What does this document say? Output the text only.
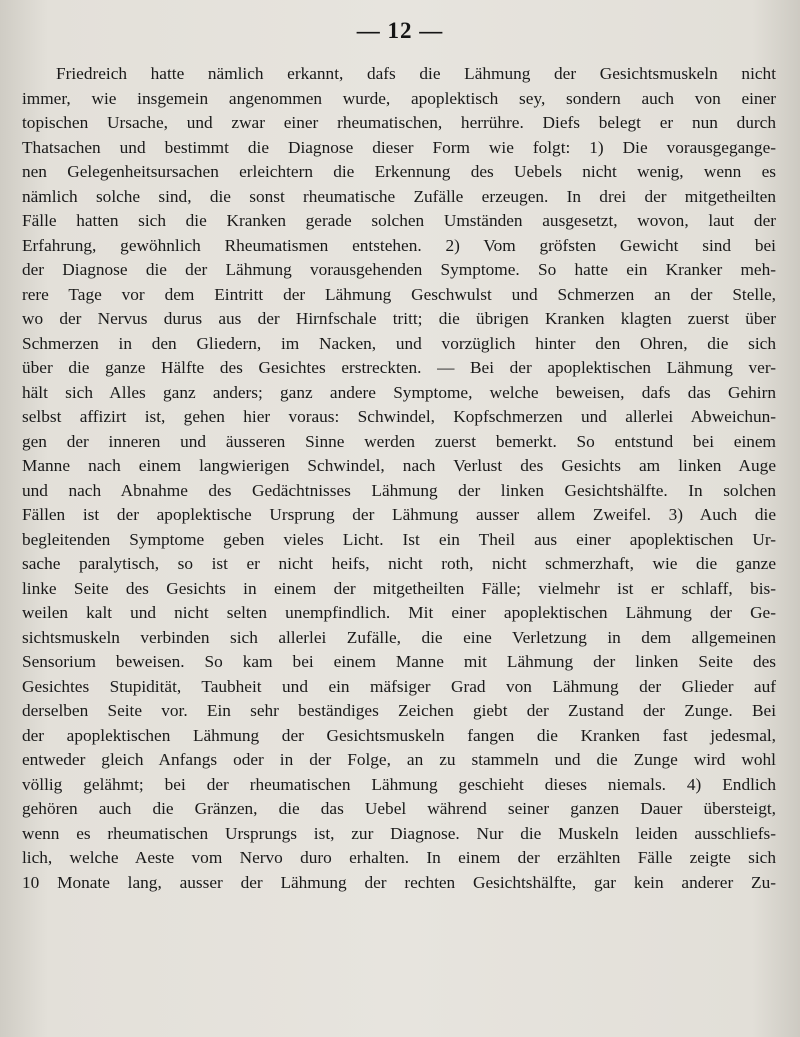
— 12 —
Friedreich hatte nämlich erkannt, dafs die Lähmung der Gesichtsmuskeln nicht
immer, wie insgemein angenommen wurde, apoplektisch sey, sondern auch von einer
topischen Ursache, und zwar einer rheumatischen, herrühre. Diefs belegt er nun durch
Thatsachen und bestimmt die Diagnose dieser Form wie folgt: 1) Die vorausgegange-
nen Gelegenheitsursachen erleichtern die Erkennung des Uebels nicht wenig, wenn es
nämlich solche sind, die sonst rheumatische Zufälle erzeugen. In drei der mitgetheilten
Fälle hatten sich die Kranken gerade solchen Umständen ausgesetzt, wovon, laut der
Erfahrung, gewöhnlich Rheumatismen entstehen. 2) Vom gröfsten Gewicht sind bei
der Diagnose die der Lähmung vorausgehenden Symptome. So hatte ein Kranker meh-
rere Tage vor dem Eintritt der Lähmung Geschwulst und Schmerzen an der Stelle,
wo der Nervus durus aus der Hirnfschale tritt; die übrigen Kranken klagten zuerst über
Schmerzen in den Gliedern, im Nacken, und vorzüglich hinter den Ohren, die sich
über die ganze Hälfte des Gesichtes erstreckten. — Bei der apoplektischen Lähmung ver-
hält sich Alles ganz anders; ganz andere Symptome, welche beweisen, dafs das Gehirn
selbst affizirt ist, gehen hier voraus: Schwindel, Kopfschmerzen und allerlei Abweichun-
gen der inneren und äusseren Sinne werden zuerst bemerkt. So entstund bei einem
Manne nach einem langwierigen Schwindel, nach Verlust des Gesichts am linken Auge
und nach Abnahme des Gedächtnisses Lähmung der linken Gesichtshälfte. In solchen
Fällen ist der apoplektische Ursprung der Lähmung ausser allem Zweifel. 3) Auch die
begleitenden Symptome geben vieles Licht. Ist ein Theil aus einer apoplektischen Ur-
sache paralytisch, so ist er nicht heifs, nicht roth, nicht schmerzhaft, wie die ganze
linke Seite des Gesichts in einem der mitgetheilten Fälle; vielmehr ist er schlaff, bis-
weilen kalt und nicht selten unempfindlich. Mit einer apoplektischen Lähmung der Ge-
sichtsmuskeln verbinden sich allerlei Zufälle, die eine Verletzung in dem allgemeinen
Sensorium beweisen. So kam bei einem Manne mit Lähmung der linken Seite des
Gesichtes Stupidität, Taubheit und ein mäfsiger Grad von Lähmung der Glieder auf
derselben Seite vor. Ein sehr beständiges Zeichen giebt der Zustand der Zunge. Bei
der apoplektischen Lähmung der Gesichtsmuskeln fangen die Kranken fast jedesmal,
entweder gleich Anfangs oder in der Folge, an zu stammeln und die Zunge wird wohl
völlig gelähmt; bei der rheumatischen Lähmung geschieht dieses niemals. 4) Endlich
gehören auch die Gränzen, die das Uebel während seiner ganzen Dauer übersteigt,
wenn es rheumatischen Ursprungs ist, zur Diagnose. Nur die Muskeln leiden ausschliefs-
lich, welche Aeste vom Nervo duro erhalten. In einem der erzählten Fälle zeigte sich
10 Monate lang, ausser der Lähmung der rechten Gesichtshälfte, gar kein anderer Zu-
